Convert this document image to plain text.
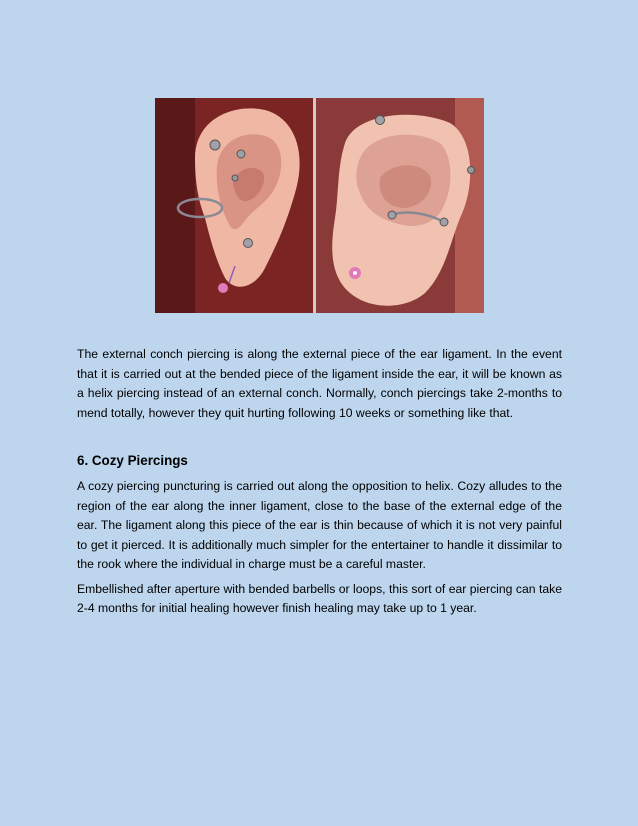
The external conch piercing is along the external piece of the ear ligament. In the event that it is carried out at the bended piece of the ligament inside the ear, it will be known as a helix piercing instead of an external conch. Normally, conch piercings take 2-months to mend totally, however they quit hurting following 10 weeks or something like that.

6. Cozy Piercings

A cozy piercing puncturing is carried out along the opposition to helix. Cozy alludes to the region of the ear along the inner ligament, close to the base of the external edge of the ear. The ligament along this piece of the ear is thin because of which it is not very painful to get it pierced. It is additionally much simpler for the entertainer to handle it dissimilar to the rook where the individual in charge must be a careful master.

Embellished after aperture with bended barbells or loops, this sort of ear piercing can take 2-4 months for initial healing however finish healing may take up to 1 year.
